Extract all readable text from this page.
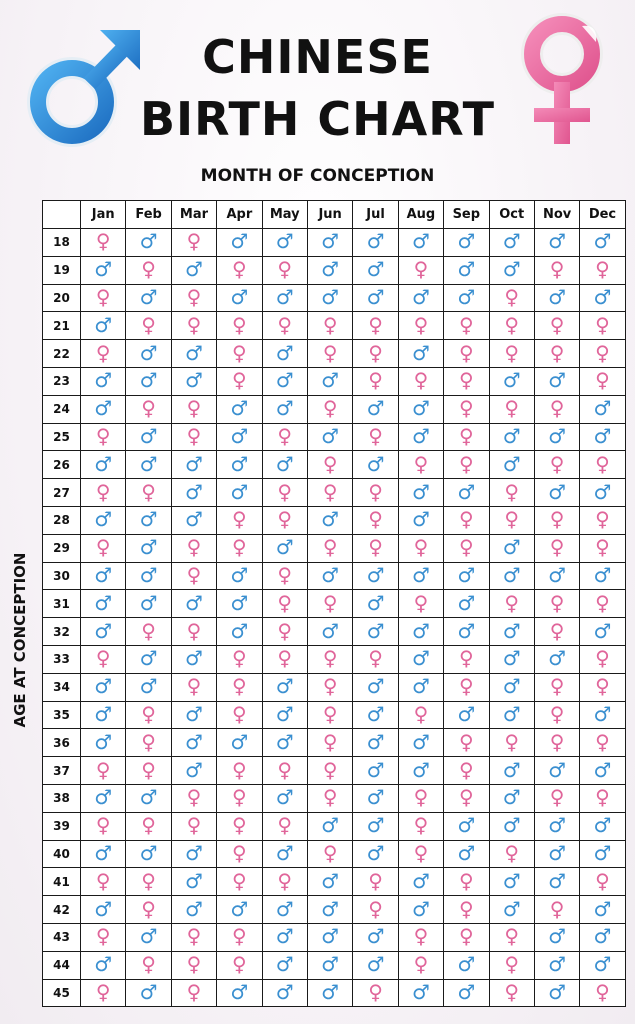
CHINESE
BIRTH CHART
MONTH OF CONCEPTION
AGE AT CONCEPTION
	Jan	Feb	Mar	Apr	May	Jun	Jul	Aug	Sep	Oct	Nov	Dec
18	♀	♂	♀	♂	♂	♂	♂	♂	♂	♂	♂	♂
19	♂	♀	♂	♀	♀	♂	♂	♀	♂	♂	♀	♀
20	♀	♂	♀	♂	♂	♂	♂	♂	♂	♀	♂	♂
21	♂	♀	♀	♀	♀	♀	♀	♀	♀	♀	♀	♀
22	♀	♂	♂	♀	♂	♀	♀	♂	♀	♀	♀	♀
23	♂	♂	♂	♀	♂	♂	♀	♀	♀	♂	♂	♀
24	♂	♀	♀	♂	♂	♀	♂	♂	♀	♀	♀	♂
25	♀	♂	♀	♂	♀	♂	♀	♂	♀	♂	♂	♂
26	♂	♂	♂	♂	♂	♀	♂	♀	♀	♂	♀	♀
27	♀	♀	♂	♂	♀	♀	♀	♂	♂	♀	♂	♂
28	♂	♂	♂	♀	♀	♂	♀	♂	♀	♀	♀	♀
29	♀	♂	♀	♀	♂	♀	♀	♀	♀	♂	♀	♀
30	♂	♂	♀	♂	♀	♂	♂	♂	♂	♂	♂	♂
31	♂	♂	♂	♂	♀	♀	♂	♀	♂	♀	♀	♀
32	♂	♀	♀	♂	♀	♂	♂	♂	♂	♂	♀	♂
33	♀	♂	♂	♀	♀	♀	♀	♂	♀	♂	♂	♀
34	♂	♂	♀	♀	♂	♀	♂	♂	♀	♂	♀	♀
35	♂	♀	♂	♀	♂	♀	♂	♀	♂	♂	♀	♂
36	♂	♀	♂	♂	♂	♀	♂	♂	♀	♀	♀	♀
37	♀	♀	♂	♀	♀	♀	♂	♂	♀	♂	♂	♂
38	♂	♂	♀	♀	♂	♀	♂	♀	♀	♂	♀	♀
39	♀	♀	♀	♀	♀	♂	♂	♀	♂	♂	♂	♂
40	♂	♂	♂	♀	♂	♀	♂	♀	♂	♀	♂	♂
41	♀	♀	♂	♀	♀	♂	♀	♂	♀	♂	♂	♀
42	♂	♀	♂	♂	♂	♂	♀	♂	♀	♂	♀	♂
43	♀	♂	♀	♀	♂	♂	♂	♀	♀	♀	♂	♂
44	♂	♀	♀	♀	♂	♂	♂	♀	♂	♀	♂	♂
45	♀	♂	♀	♂	♂	♂	♀	♂	♂	♀	♂	♀
